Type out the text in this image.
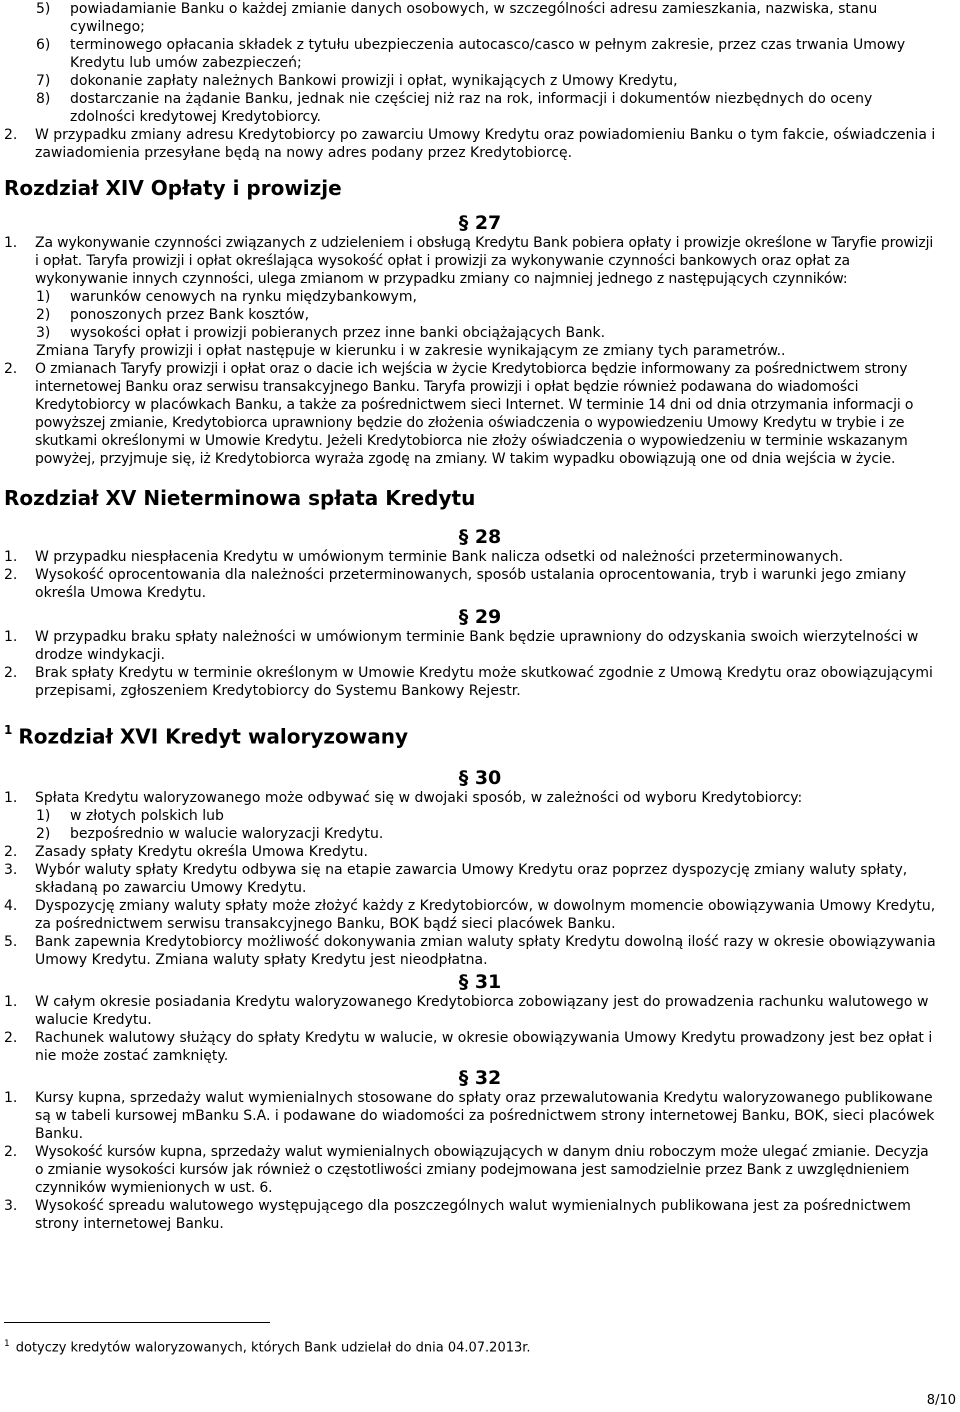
5)	powiadamianie Banku o każdej zmianie danych osobowych, w szczególności adresu zamieszkania, nazwiska, stanu cywilnego;
6)	terminowego opłacania składek z tytułu ubezpieczenia autocasco/casco w pełnym zakresie, przez czas trwania Umowy Kredytu lub umów zabezpieczeń;
7)	dokonanie zapłaty należnych Bankowi prowizji i opłat, wynikających z Umowy Kredytu,
8)	dostarczanie na żądanie Banku, jednak nie częściej niż raz na rok, informacji i dokumentów niezbędnych do oceny zdolności kredytowej Kredytobiorcy.
2.	W przypadku zmiany adresu Kredytobiorcy po zawarciu Umowy Kredytu oraz powiadomieniu Banku o tym fakcie, oświadczenia i zawiadomienia przesyłane będą na nowy adres podany przez Kredytobiorcę.
Rozdział XIV Opłaty i prowizje
§ 27
1.	Za wykonywanie czynności związanych z udzieleniem i obsługą Kredytu Bank pobiera opłaty i prowizje określone w Taryfie prowizji i opłat. Taryfa prowizji i opłat określająca wysokość opłat i prowizji za wykonywanie czynności bankowych oraz opłat za wykonywanie innych czynności, ulega zmianom w przypadku zmiany co najmniej jednego z następujących czynników:
1)	warunków cenowych na rynku międzybankowym,
2)	ponoszonych przez Bank kosztów,
3)	wysokości opłat i prowizji pobieranych przez inne banki obciążających Bank.
Zmiana Taryfy prowizji i opłat następuje w kierunku i w zakresie wynikającym ze zmiany tych parametrów..
2.	O zmianach Taryfy prowizji i opłat oraz o dacie ich wejścia w życie Kredytobiorca będzie informowany za pośrednictwem strony internetowej Banku oraz serwisu transakcyjnego Banku. Taryfa prowizji i opłat będzie również podawana do wiadomości Kredytobiorcy w placówkach Banku, a także za pośrednictwem sieci Internet. W terminie 14 dni od dnia otrzymania informacji o powyższej zmianie, Kredytobiorca uprawniony będzie do złożenia oświadczenia o wypowiedzeniu Umowy Kredytu w trybie i ze skutkami określonymi w Umowie Kredytu. Jeżeli Kredytobiorca nie złoży oświadczenia o wypowiedzeniu w terminie wskazanym powyżej, przyjmuje się, iż Kredytobiorca wyraża zgodę na zmiany. W takim wypadku obowiązują one od dnia wejścia w życie.
Rozdział XV Nieterminowa spłata Kredytu
§ 28
1.	W przypadku niespłacenia Kredytu w umówionym terminie Bank nalicza odsetki od należności przeterminowanych.
2.	Wysokość oprocentowania dla należności przeterminowanych, sposób ustalania oprocentowania, tryb i warunki jego zmiany określa Umowa Kredytu.
§ 29
1.	W przypadku braku spłaty należności w umówionym terminie Bank będzie uprawniony do odzyskania swoich wierzytelności w drodze windykacji.
2.	Brak spłaty Kredytu w terminie określonym w Umowie Kredytu może skutkować zgodnie z Umową Kredytu oraz obowiązującymi przepisami, zgłoszeniem Kredytobiorcy do Systemu Bankowy Rejestr.
$^1$ Rozdział XVI Kredyt waloryzowany
§ 30
1.	Spłata Kredytu waloryzowanego może odbywać się w dwojaki sposób, w zależności od wyboru Kredytobiorcy:
1)	w złotych polskich lub
2)	bezpośrednio w walucie waloryzacji Kredytu.
2.	Zasady spłaty Kredytu określa Umowa Kredytu.
3.	Wybór waluty spłaty Kredytu odbywa się na etapie zawarcia Umowy Kredytu oraz poprzez dyspozycję zmiany waluty spłaty, składaną po zawarciu Umowy Kredytu.
4.	Dyspozycję zmiany waluty spłaty może złożyć każdy z Kredytobiorców, w dowolnym momencie obowiązywania Umowy Kredytu, za pośrednictwem serwisu transakcyjnego Banku, BOK bądź sieci placówek Banku.
5.	Bank zapewnia Kredytobiorcy możliwość dokonywania zmian waluty spłaty Kredytu dowolną ilość razy w okresie obowiązywania Umowy Kredytu. Zmiana waluty spłaty Kredytu jest nieodpłatna.
§ 31
1.	W całym okresie posiadania Kredytu waloryzowanego Kredytobiorca zobowiązany jest do prowadzenia rachunku walutowego w walucie Kredytu.
2.	Rachunek walutowy służący do spłaty Kredytu w walucie, w okresie obowiązywania Umowy Kredytu prowadzony jest bez opłat i nie może zostać zamknięty.
§ 32
1.	Kursy kupna, sprzedaży walut wymienialnych stosowane do spłaty oraz przewalutowania Kredytu waloryzowanego publikowane są w tabeli kursowej mBanku S.A. i podawane do wiadomości za pośrednictwem strony internetowej Banku, BOK, sieci placówek Banku.
2.	Wysokość kursów kupna, sprzedaży walut wymienialnych obowiązujących w danym dniu roboczym może ulegać zmianie. Decyzja o zmianie wysokości kursów jak również o częstotliwości zmiany podejmowana jest samodzielnie przez Bank z uwzględnieniem czynników wymienionych w ust. 6.
3.	Wysokość spreadu walutowego występującego dla poszczególnych walut wymienialnych publikowana jest za pośrednictwem strony internetowej Banku.
$^1$ dotyczy kredytów waloryzowanych, których Bank udzielał do dnia 04.07.2013r.
8/10
